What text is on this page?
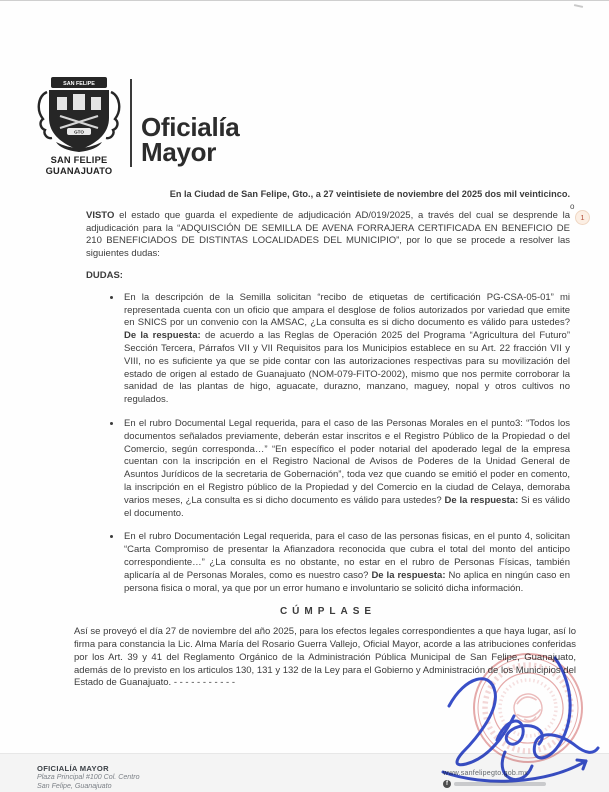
SAN FELIPE
GTO
SAN FELIPE
GUANAJUATO
Oficialía
Mayor
o
1

En la Ciudad de San Felipe, Gto., a 27 veintisiete de noviembre del 2025 dos mil veinticinco.

VISTO el estado que guarda el expediente de adjudicación AD/019/2025, a través del cual se desprende la adjudicación para la “ADQUISCIÓN DE SEMILLA DE AVENA FORRAJERA CERTIFICADA EN BENEFICIO DE 210 BENEFICIADOS DE DISTINTAS LOCALIDADES DEL MUNICIPIO”, por lo que se procede a resolver las siguientes dudas:

DUDAS:

• En la descripción de la Semilla solicitan “recibo de etiquetas de certificación PG-CSA-05-01” mi representada cuenta con un oficio que ampara el desglose de folios autorizados por variedad que emite en SNICS por un convenio con la AMSAC, ¿La consulta es si dicho documento es válido para ustedes? De la respuesta: de acuerdo a las Reglas de Operación 2025 del Programa “Agricultura del Futuro” Sección Tercera, Párrafos VII y VII Requisitos para los Municipios establece en su Art. 22 fracción VII y VIII, no es suficiente ya que se pide contar con las autorizaciones respectivas para su movilización del estado de origen al estado de Guanajuato (NOM-079-FITO-2002), mismo que nos permite corroborar la sanidad de las plantas de higo, aguacate, durazno, manzano, maguey, nopal y otros cultivos no regulados.
• En el rubro Documental Legal requerida, para el caso de las Personas Morales en el punto3: “Todos los documentos señalados previamente, deberán estar inscritos e el Registro Público de la Propiedad o del Comercio, según corresponda…” “En específico el poder notarial del apoderado legal de la empresa cuentan con la inscripción en el Registro Nacional de Avisos de Poderes de la Unidad General de Asuntos Jurídicos de la secretaria de Gobernación”, toda vez que cuando se emitió el poder en comento, la inscripción en el Registro público de la Propiedad y del Comercio en la ciudad de Celaya, demoraba varios meses, ¿La consulta es si dicho documento es válido para ustedes? De la respuesta: Si es válido el documento.
• En el rubro Documentación Legal requerida, para el caso de las personas fisicas, en el punto 4, solicitan “Carta Compromiso de presentar la Afianzadora reconocida que cubra el total del monto del anticipo correspondiente…” ¿La consulta es no obstante, no estar en el rubro de Personas Físicas, también aplicaría al de Personas Morales, como es nuestro caso? De la respuesta: No aplica en ningún caso en persona fisica o moral, ya que por un error humano e involuntario se solicitó dicha información.

CÚMPLASE

Así se proveyó el día 27 de noviembre del año 2025, para los efectos legales correspondientes a que haya lugar, así lo firma para constancia la Lic. Alma María del Rosario Guerra Vallejo, Oficial Mayor, acorde a las atribuciones conferidas por los Art. 39 y 41 del Reglamento Orgánico de la Administración Pública Municipal de San Felipe, Guanajuato, además de lo previsto en los articulos 130, 131 y 132 de la Ley para el Gobierno y Administración de los Municipios del Estado de Guanajuato. - - - - - - - - - - -

OFICIALÍA MAYOR
Plaza Principal #100 Col. Centro
San Felipe, Guanajuato
www.sanfelipegto.gob.mx
f
